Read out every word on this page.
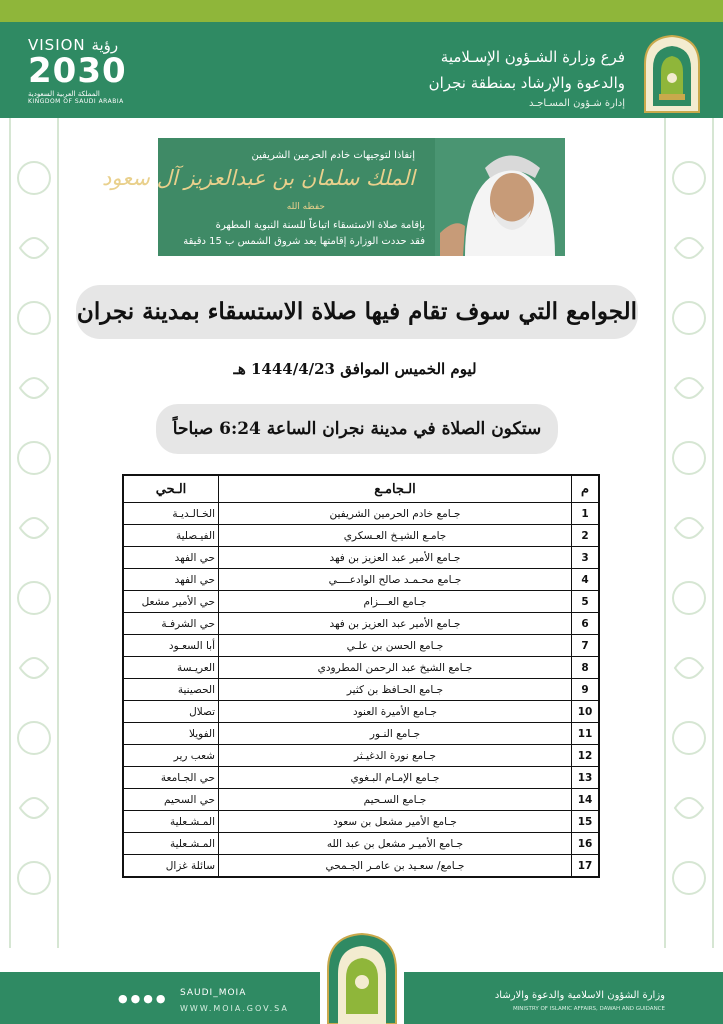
فرع وزارة الشـؤون الإسـلامية
والدعوة والإرشاد بمنطقة نجران
إدارة شـؤون المسـاجـد
VISION رؤية
2030
المملكة العربية السعودية
KINGDOM OF SAUDI ARABIA
إنفاذا لتوجيهات خادم الحرمين الشريفين
الملك سلمان بن عبدالعزيز آل سعود
حفظه الله
بإقامة صلاة الاستسقاء اتباعاً للسنة النبوية المطهرة
فقد حددت الوزارة إقامتها بعد شروق الشمس ب 15 دقيقة
الجوامع التي سوف تقام فيها صلاة الاستسقاء بمدينة نجران
ليوم الخميس الموافق 1444/4/23 هـ
ستكون الصلاة في مدينة نجران الساعة 6:24 صباحاً
م	الـجامـع	الـحي
1	جـامع خادم الحرمين الشريفين	الخـالـديـة
2	جامـع الشيـخ العـسكري	الفيـصلية
3	جـامع الأمير عبد العزيز بن فهد	حي الفهد
4	جـامع محـمـد صالح الوادعــــي	حي الفهد
5	جـامع العـــزام	حي الأمير مشعل
6	جـامع الأمير عبد العزيز بن فهد	حي الشرفـة
7	جـامع الحسن بن علـي	أبا السعـود
8	جـامع الشيخ عبد الرحمن المطرودي	العريـسة
9	جـامع الحـافظ بن كثير	الحصينية
10	جـامع الأميرة العنود	تصلال
11	جـامع النـور	الفويلا
12	جـامع نورة الدغيـثر	شعب رير
13	جـامع الإمـام البـغوي	حي الجـامعة
14	جـامع السـحيم	حي السحيم
15	جـامع الأمير مشعل بن سعود	المـشـعلية
16	جـامع الأميـر مشعل بن عبد الله	المـشـعلية
17	جـامع/ سعـيد بن عامـر الجـمحي	سائلة غزال
●●●● SAUDI_MOIA
WWW.MOIA.GOV.SA
وزارة الشؤون الاسلامية والدعوة والارشاد
MINISTRY OF ISLAMIC AFFAIRS, DAWAH AND GUIDANCE
